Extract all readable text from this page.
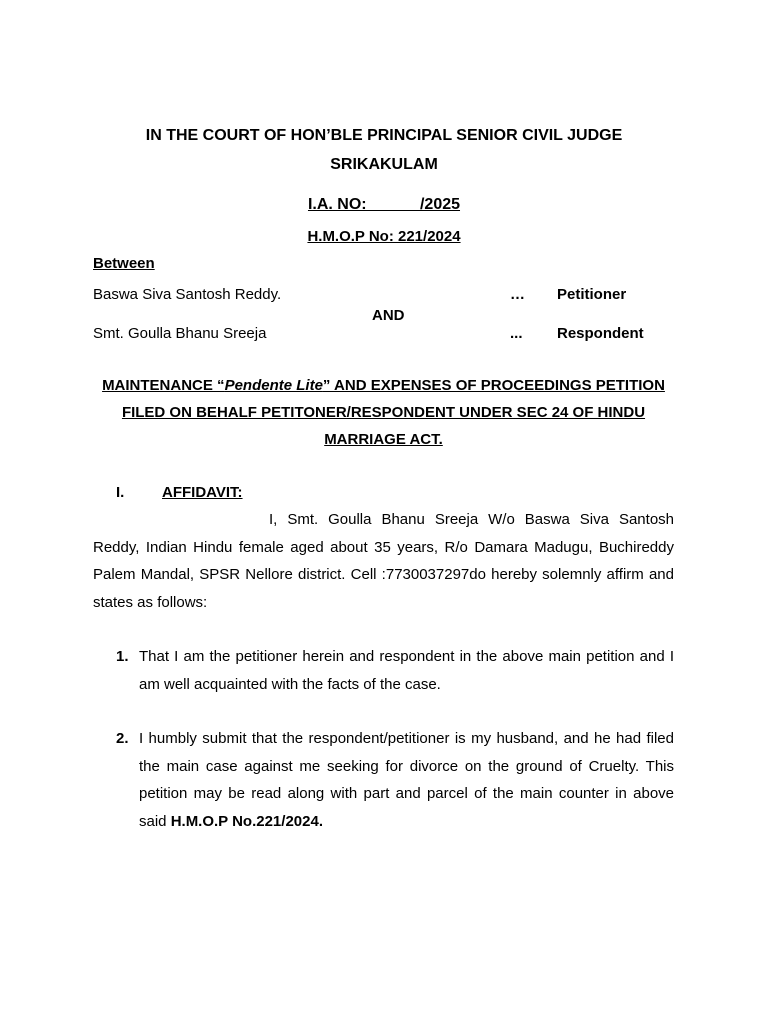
IN THE COURT OF HON’BLE PRINCIPAL SENIOR CIVIL JUDGE
SRIKAKULAM
I.A. NO:            /2025
H.M.O.P No: 221/2024
Between
Baswa Siva Santosh Reddy.	… Petitioner
AND
Smt. Goulla Bhanu Sreeja	... Respondent
MAINTENANCE “Pendente Lite” AND EXPENSES OF PROCEEDINGS PETITION FILED ON BEHALF PETITONER/RESPONDENT UNDER SEC 24 OF HINDU MARRIAGE ACT.
I.	AFFIDAVIT:
I, Smt. Goulla Bhanu Sreeja W/o Baswa Siva Santosh Reddy, Indian Hindu female aged about 35 years, R/o Damara Madugu, Buchireddy Palem Mandal, SPSR Nellore district. Cell :7730037297do hereby solemnly affirm and states as follows:
1. That I am the petitioner herein and respondent in the above main petition and I am well acquainted with the facts of the case.
2. I humbly submit that the respondent/petitioner is my husband, and he had filed the main case against me seeking for divorce on the ground of Cruelty. This petition may be read along with part and parcel of the main counter in above said H.M.O.P No.221/2024.
